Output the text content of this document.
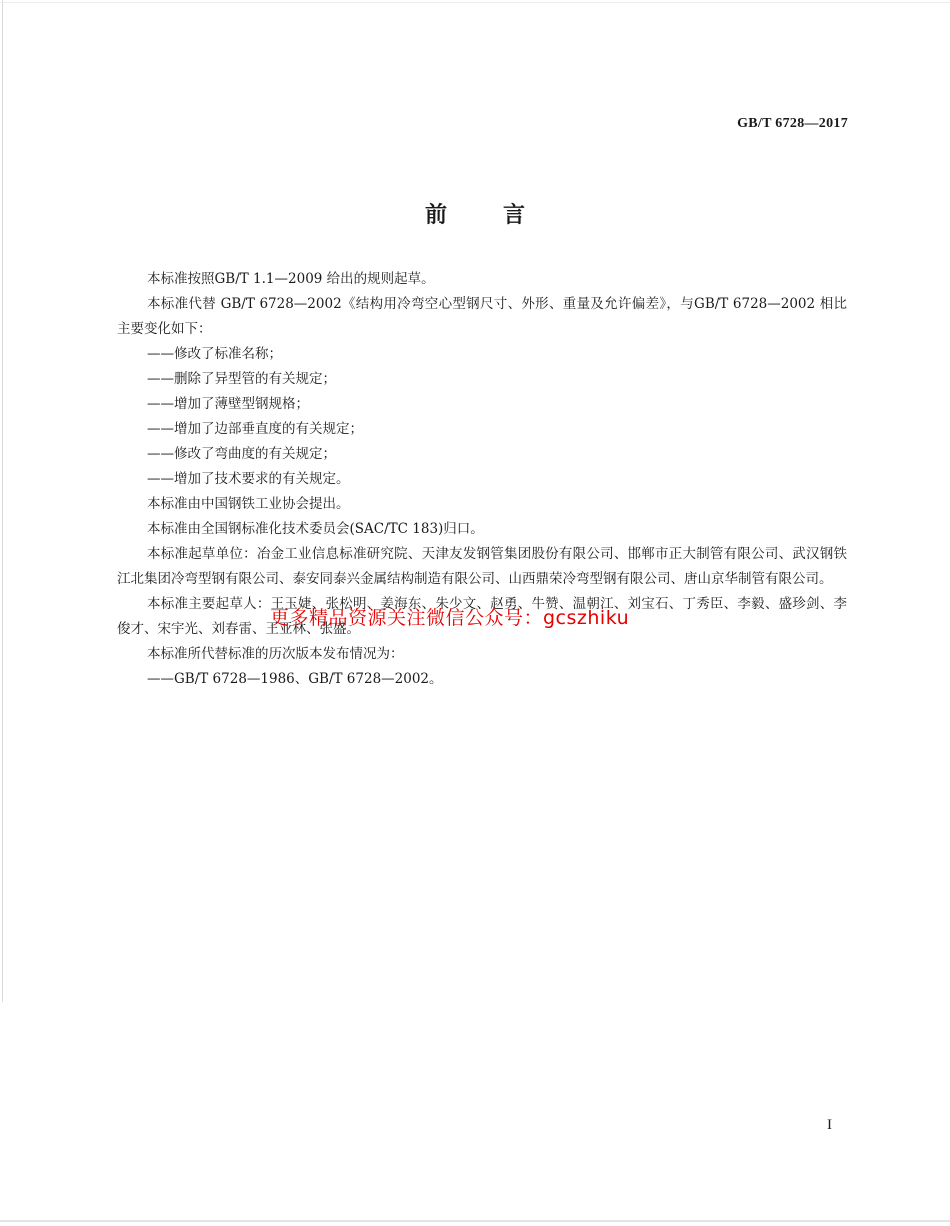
GB/T 6728—2017
前言

本标准按照GB/T 1.1—2009 给出的规则起草。

本标准代替 GB/T 6728—2002《结构用冷弯空心型钢尺寸、外形、重量及允许偏差》，与GB/T 6728—2002 相比主要变化如下：

——修改了标准名称；

——删除了异型管的有关规定；

——增加了薄壁型钢规格；

——增加了边部垂直度的有关规定；

——修改了弯曲度的有关规定；

——增加了技术要求的有关规定。

本标准由中国钢铁工业协会提出。

本标准由全国钢标准化技术委员会(SAC/TC 183)归口。

本标准起草单位：冶金工业信息标准研究院、天津友发钢管集团股份有限公司、邯郸市正大制管有限公司、武汉钢铁江北集团冷弯型钢有限公司、泰安同泰兴金属结构制造有限公司、山西鼎荣冷弯型钢有限公司、唐山京华制管有限公司。

本标准主要起草人：王玉婕、张松明、姜海东、朱少文、赵勇、牛赞、温朝江、刘宝石、丁秀臣、李毅、盛珍剑、李俊才、宋宇光、刘春雷、王亚林、张盛。

本标准所代替标准的历次版本发布情况为：

——GB/T 6728—1986、GB/T 6728—2002。

更多精品资源关注微信公众号：gcszhiku
I
